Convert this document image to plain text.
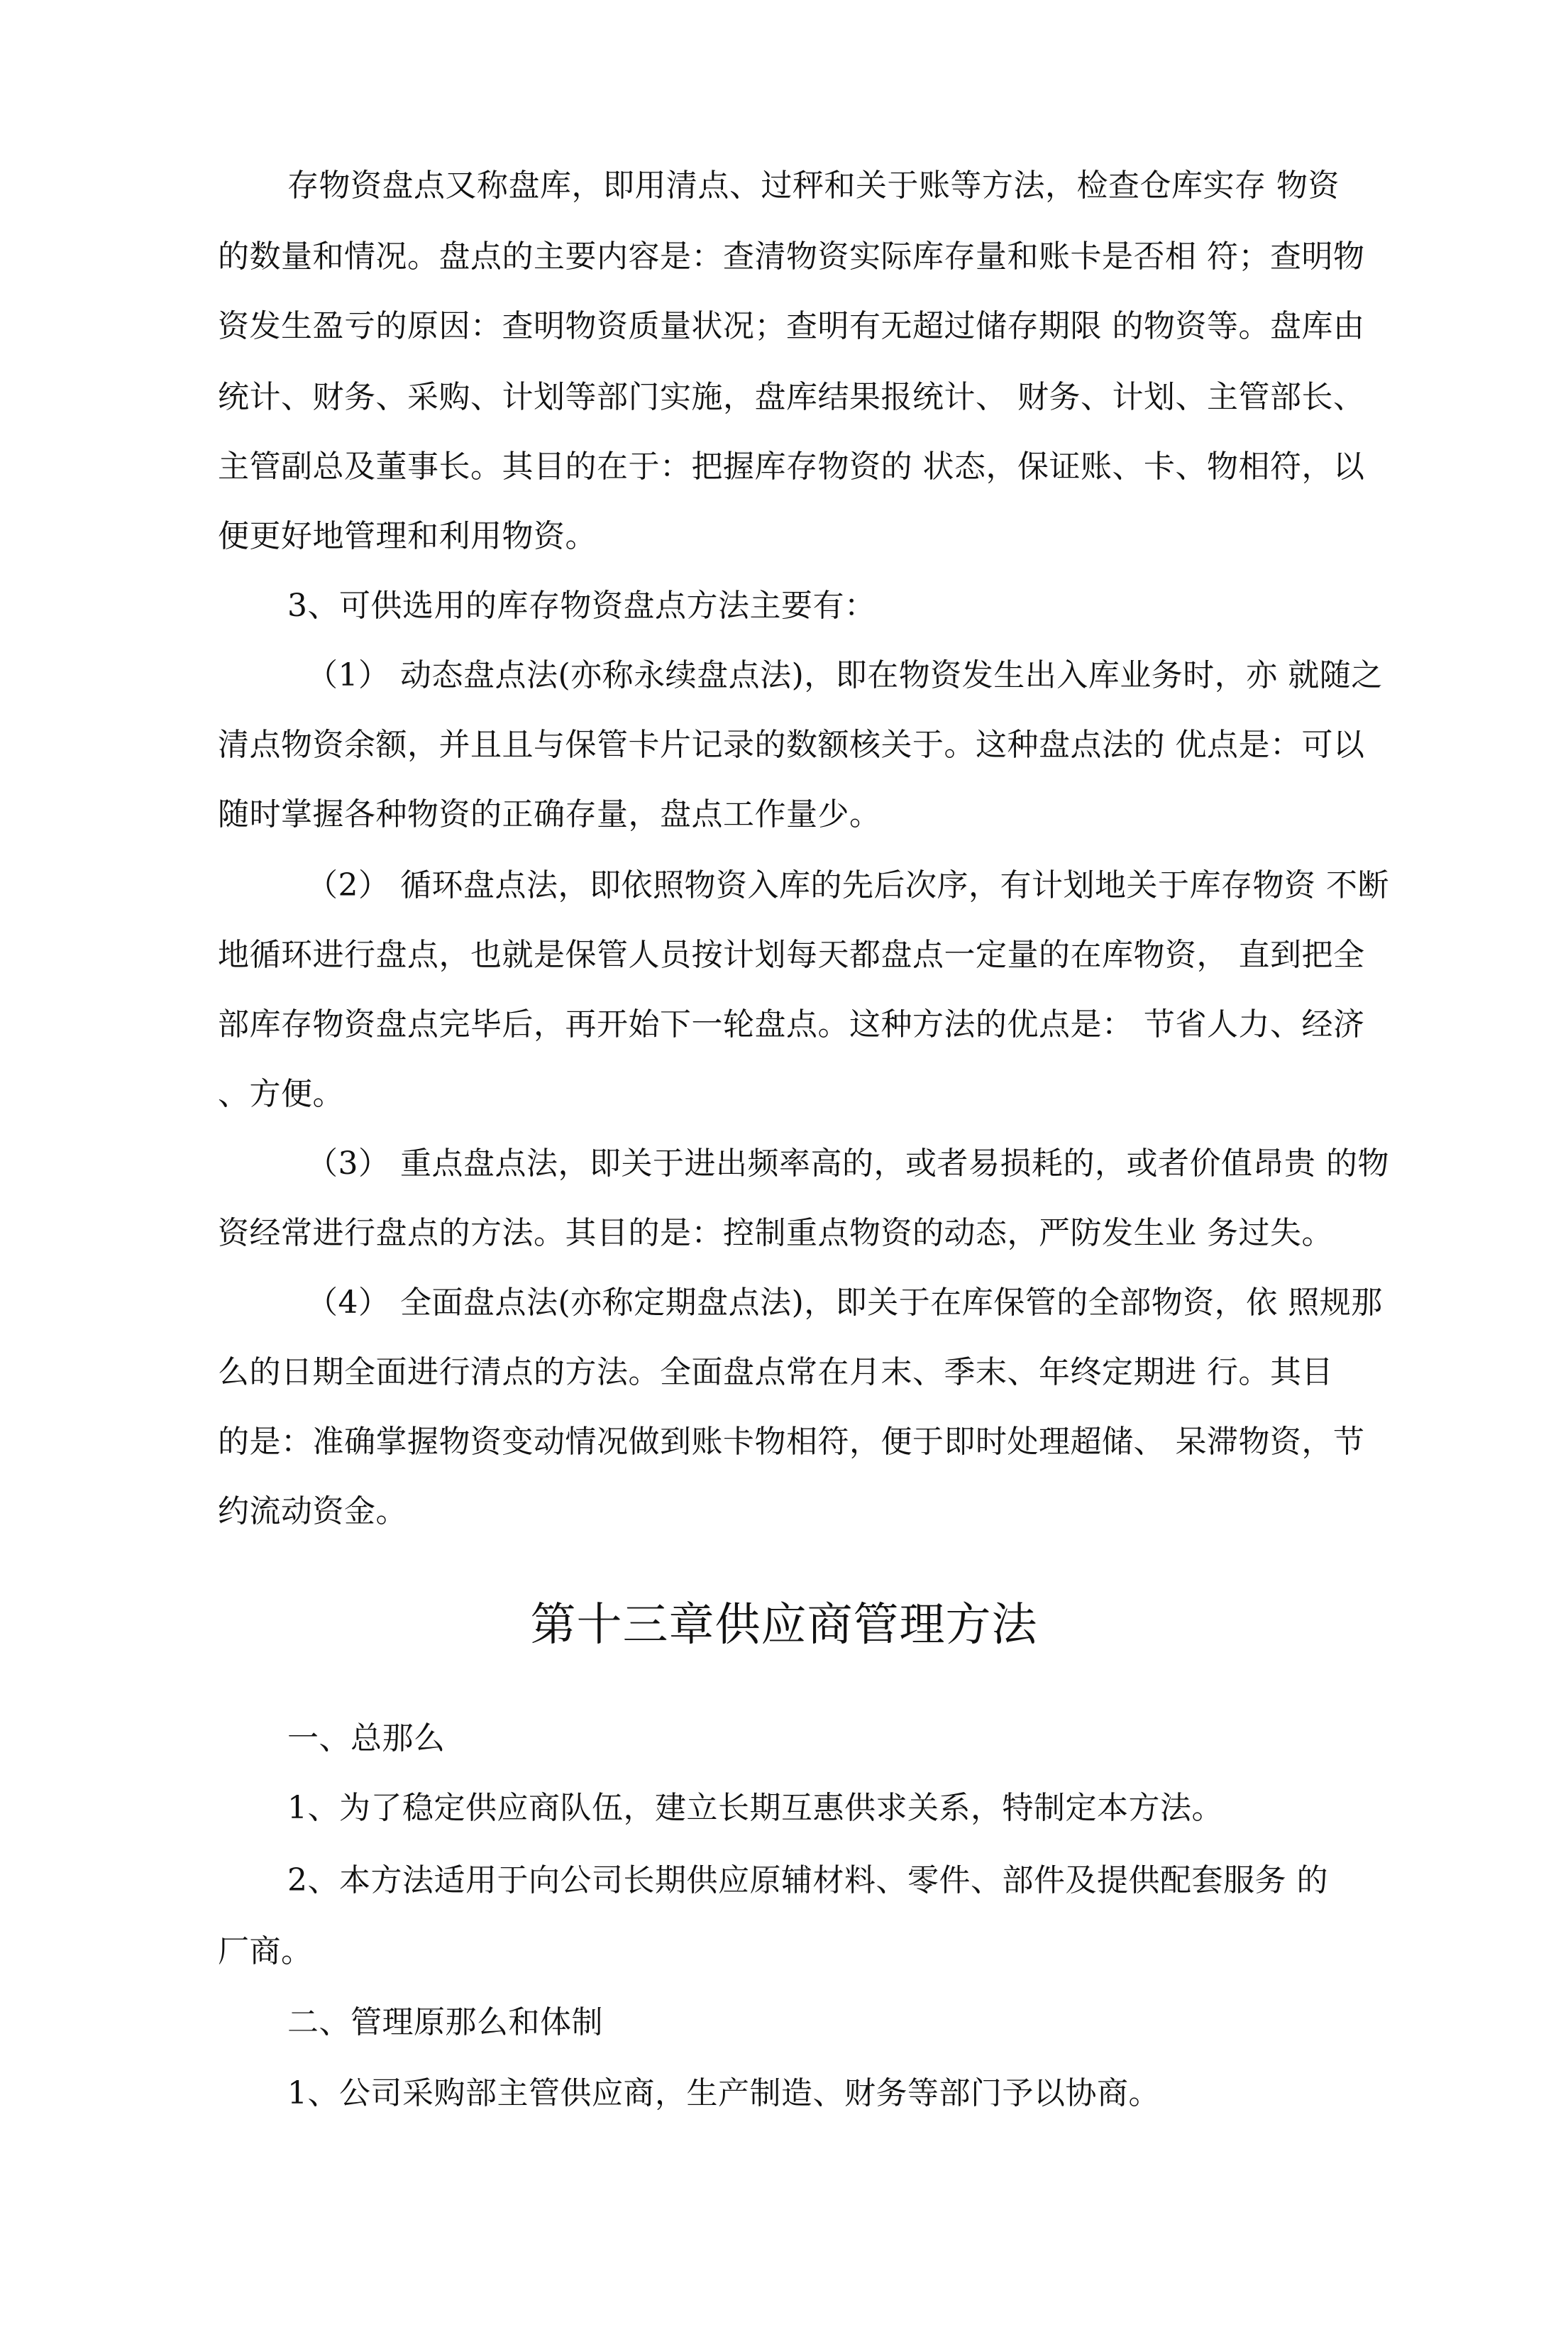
存物资盘点又称盘库，即用清点、过秤和关于账等方法，检查仓库实存 物资
的数量和情况。盘点的主要内容是：查清物资实际库存量和账卡是否相 符；查明物
资发生盈亏的原因：查明物资质量状况；查明有无超过储存期限 的物资等。盘库由
统计、财务、采购、计划等部门实施，盘库结果报统计、 财务、计划、主管部长、
主管副总及董事长。其目的在于：把握库存物资的 状态，保证账、卡、物相符，以
便更好地管理和利用物资。
3、可供选用的库存物资盘点方法主要有：
（1） 动态盘点法(亦称永续盘点法)，即在物资发生出入库业务时，亦 就随之
清点物资余额，并且且与保管卡片记录的数额核关于。这种盘点法的 优点是：可以
随时掌握各种物资的正确存量，盘点工作量少。
（2） 循环盘点法，即依照物资入库的先后次序，有计划地关于库存物资 不断
地循环进行盘点，也就是保管人员按计划每天都盘点一定量的在库物资， 直到把全
部库存物资盘点完毕后，再开始下一轮盘点。这种方法的优点是： 节省人力、经济
、方便。
（3） 重点盘点法，即关于进出频率高的，或者易损耗的，或者价值昂贵 的物
资经常进行盘点的方法。其目的是：控制重点物资的动态，严防发生业 务过失。
（4） 全面盘点法(亦称定期盘点法)，即关于在库保管的全部物资，依 照规那
么的日期全面进行清点的方法。全面盘点常在月末、季末、年终定期进 行。其目
的是：准确掌握物资变动情况做到账卡物相符，便于即时处理超储、 呆滞物资，节
约流动资金。
第十三章供应商管理方法
一、总那么
1、为了稳定供应商队伍，建立长期互惠供求关系，特制定本方法。
2、本方法适用于向公司长期供应原辅材料、零件、部件及提供配套服务 的
厂商。
二、管理原那么和体制
1、公司采购部主管供应商，生产制造、财务等部门予以协商。
